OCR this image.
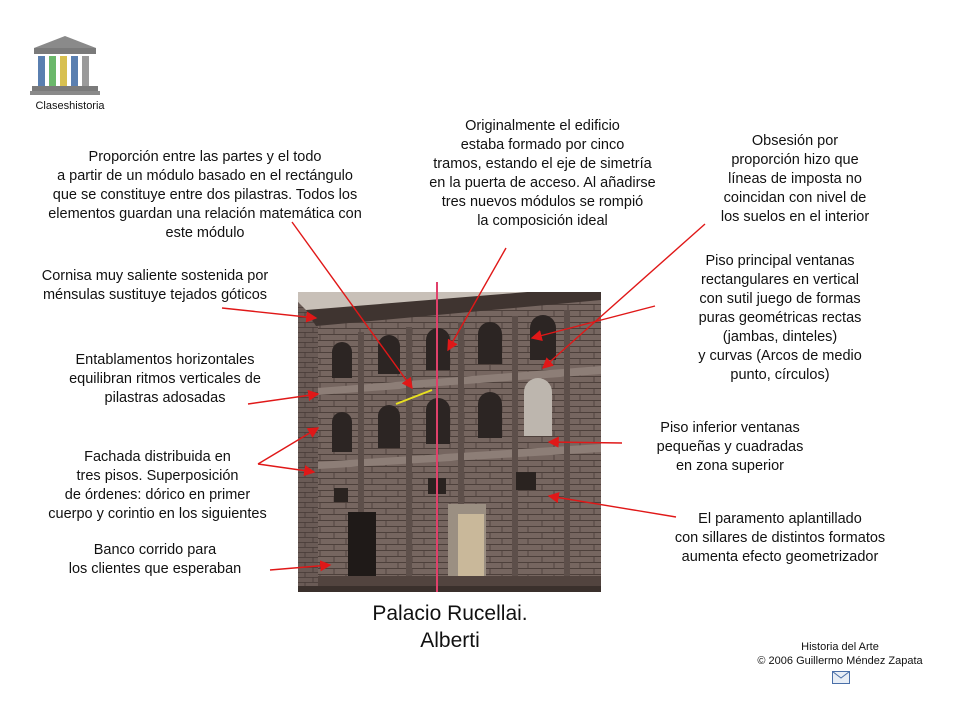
Claseshistoria
Proporción entre las partes y el todo
a partir de un módulo basado en el rectángulo
que se constituye entre dos pilastras. Todos los
elementos guardan una relación matemática con
este módulo
Originalmente el edificio
estaba formado por cinco
tramos, estando el eje de simetría
en la puerta de acceso. Al añadirse
tres nuevos módulos se rompió
la composición ideal
Obsesión por
proporción hizo que
líneas de imposta no
coincidan con nivel de
los suelos en el interior
Cornisa muy saliente sostenida por
ménsulas sustituye tejados góticos
Piso principal ventanas
rectangulares en vertical
con sutil juego de formas
puras geométricas rectas
(jambas, dinteles)
y curvas (Arcos de medio
punto, círculos)
Entablamentos horizontales
equilibran ritmos verticales de
pilastras adosadas
Piso inferior ventanas
pequeñas y cuadradas
en zona superior
Fachada distribuida en
tres pisos. Superposición
de órdenes: dórico en primer
cuerpo y corintio en los siguientes	El paramento aplantillado
con sillares de distintos formatos
aumenta efecto geometrizador
Banco corrido para
los clientes que esperaban
Palacio Rucellai.
Alberti	Historia del Arte
© 2006 Guillermo Méndez Zapata
